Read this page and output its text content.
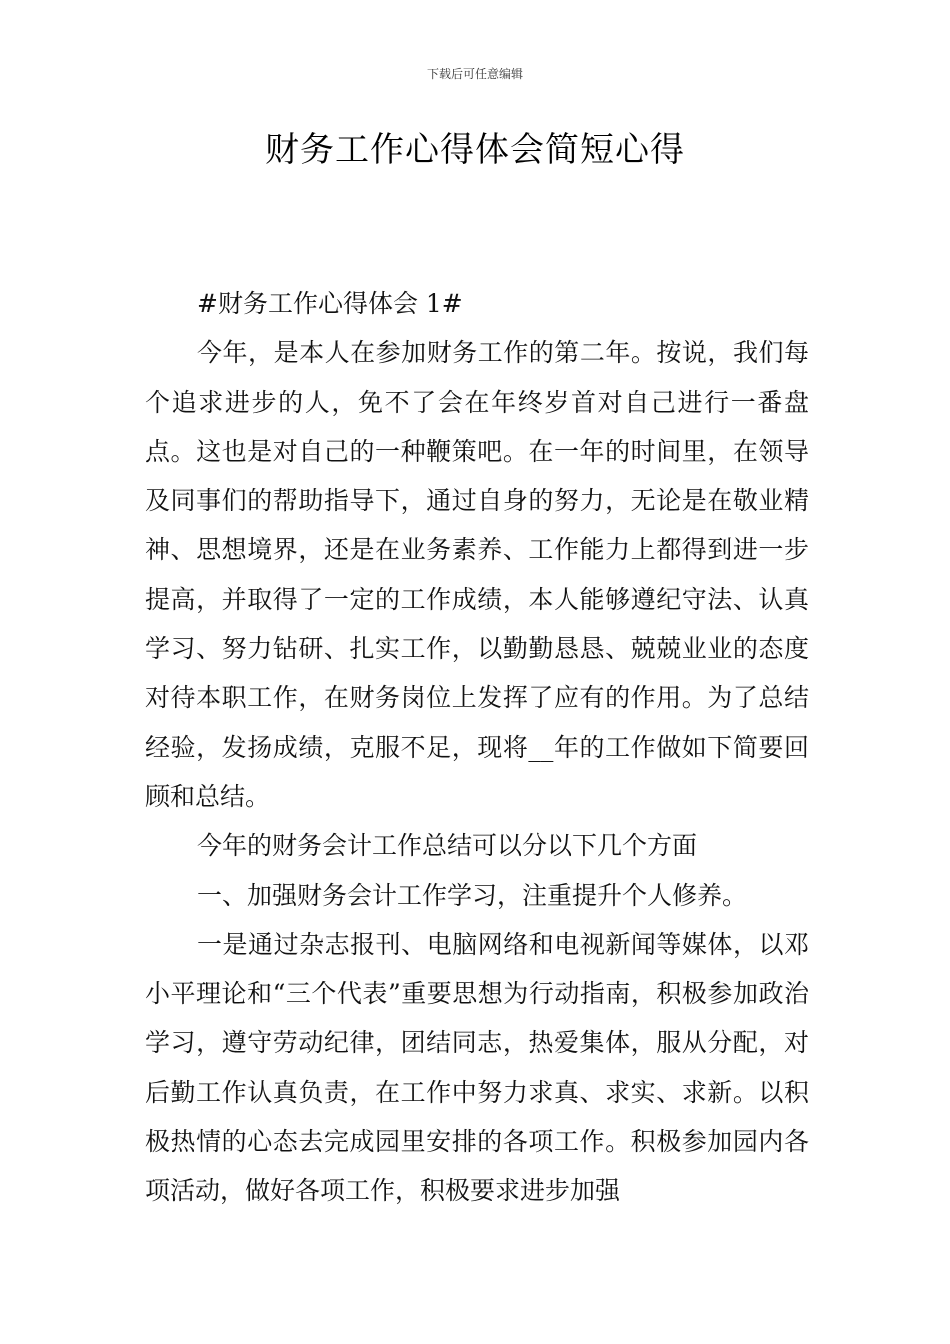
下载后可任意编辑
财务工作心得体会简短心得

#财务工作心得体会 1#

今年，是本人在参加财务工作的第二年。按说，我们每个追求进步的人，免不了会在年终岁首对自己进行一番盘点。这也是对自己的一种鞭策吧。在一年的时间里，在领导及同事们的帮助指导下，通过自身的努力，无论是在敬业精神、思想境界，还是在业务素养、工作能力上都得到进一步提高，并取得了一定的工作成绩，本人能够遵纪守法、认真学习、努力钻研、扎实工作，以勤勤恳恳、兢兢业业的态度对待本职工作，在财务岗位上发挥了应有的作用。为了总结经验，发扬成绩，克服不足，现将__年的工作做如下简要回顾和总结。

今年的财务会计工作总结可以分以下几个方面

一、加强财务会计工作学习，注重提升个人修养。

一是通过杂志报刊、电脑网络和电视新闻等媒体，以邓小平理论和“三个代表”重要思想为行动指南，积极参加政治学习，遵守劳动纪律，团结同志，热爱集体，服从分配，对后勤工作认真负责，在工作中努力求真、求实、求新。以积极热情的心态去完成园里安排的各项工作。积极参加园内各项活动，做好各项工作，积极要求进步加强
